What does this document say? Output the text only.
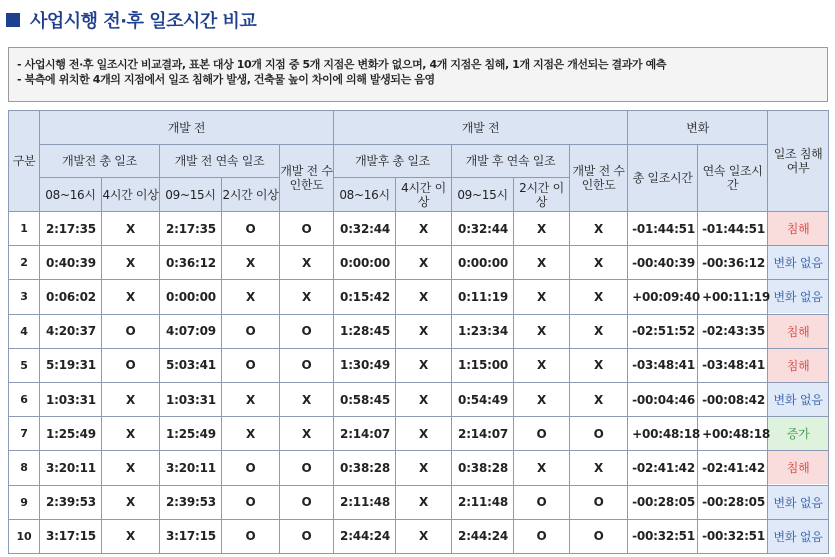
사업시행 전·후 일조시간 비교
- 사업시행 전·후 일조시간 비교결과, 표본 대상 10개 지점 중 5개 지점은 변화가 없으며, 4개 지점은 침해, 1개 지점은 개선되는 결과가 예측
- 북측에 위치한 4개의 지점에서 일조 침해가 발생, 건축물 높이 차이에 의해 발생되는 음영
구분	개발 전					개발 전					변화		일조 침해 여부
	개발전 총 일조		개발 전 연속 일조		개발 전 수인한도	개발후 총 일조		개발 후 연속 일조		개발 전 수인한도	총 일조시간	연속 일조시간	
	08~16시	4시간 이상	09~15시	2시간 이상		08~16시	4시간 이상	09~15시	2시간 이상				
1	2:17:35	X	2:17:35	O	O	0:32:44	X	0:32:44	X	X	-01:44:51	-01:44:51	침해

2	0:40:39	X	0:36:12	X	X	0:00:00	X	0:00:00	X	X	-00:40:39	-00:36:12	변화 없음

3	0:06:02	X	0:00:00	X	X	0:15:42	X	0:11:19	X	X	+00:09:40	+00:11:19	변화 없음

4	4:20:37	O	4:07:09	O	O	1:28:45	X	1:23:34	X	X	-02:51:52	-02:43:35	침해

5	5:19:31	O	5:03:41	O	O	1:30:49	X	1:15:00	X	X	-03:48:41	-03:48:41	침해

6	1:03:31	X	1:03:31	X	X	0:58:45	X	0:54:49	X	X	-00:04:46	-00:08:42	변화 없음

7	1:25:49	X	1:25:49	X	X	2:14:07	X	2:14:07	O	O	+00:48:18	+00:48:18	증가

8	3:20:11	X	3:20:11	O	O	0:38:28	X	0:38:28	X	X	-02:41:42	-02:41:42	침해

9	2:39:53	X	2:39:53	O	O	2:11:48	X	2:11:48	O	O	-00:28:05	-00:28:05	변화 없음

10	3:17:15	X	3:17:15	O	O	2:44:24	X	2:44:24	O	O	-00:32:51	-00:32:51	변화 없음
